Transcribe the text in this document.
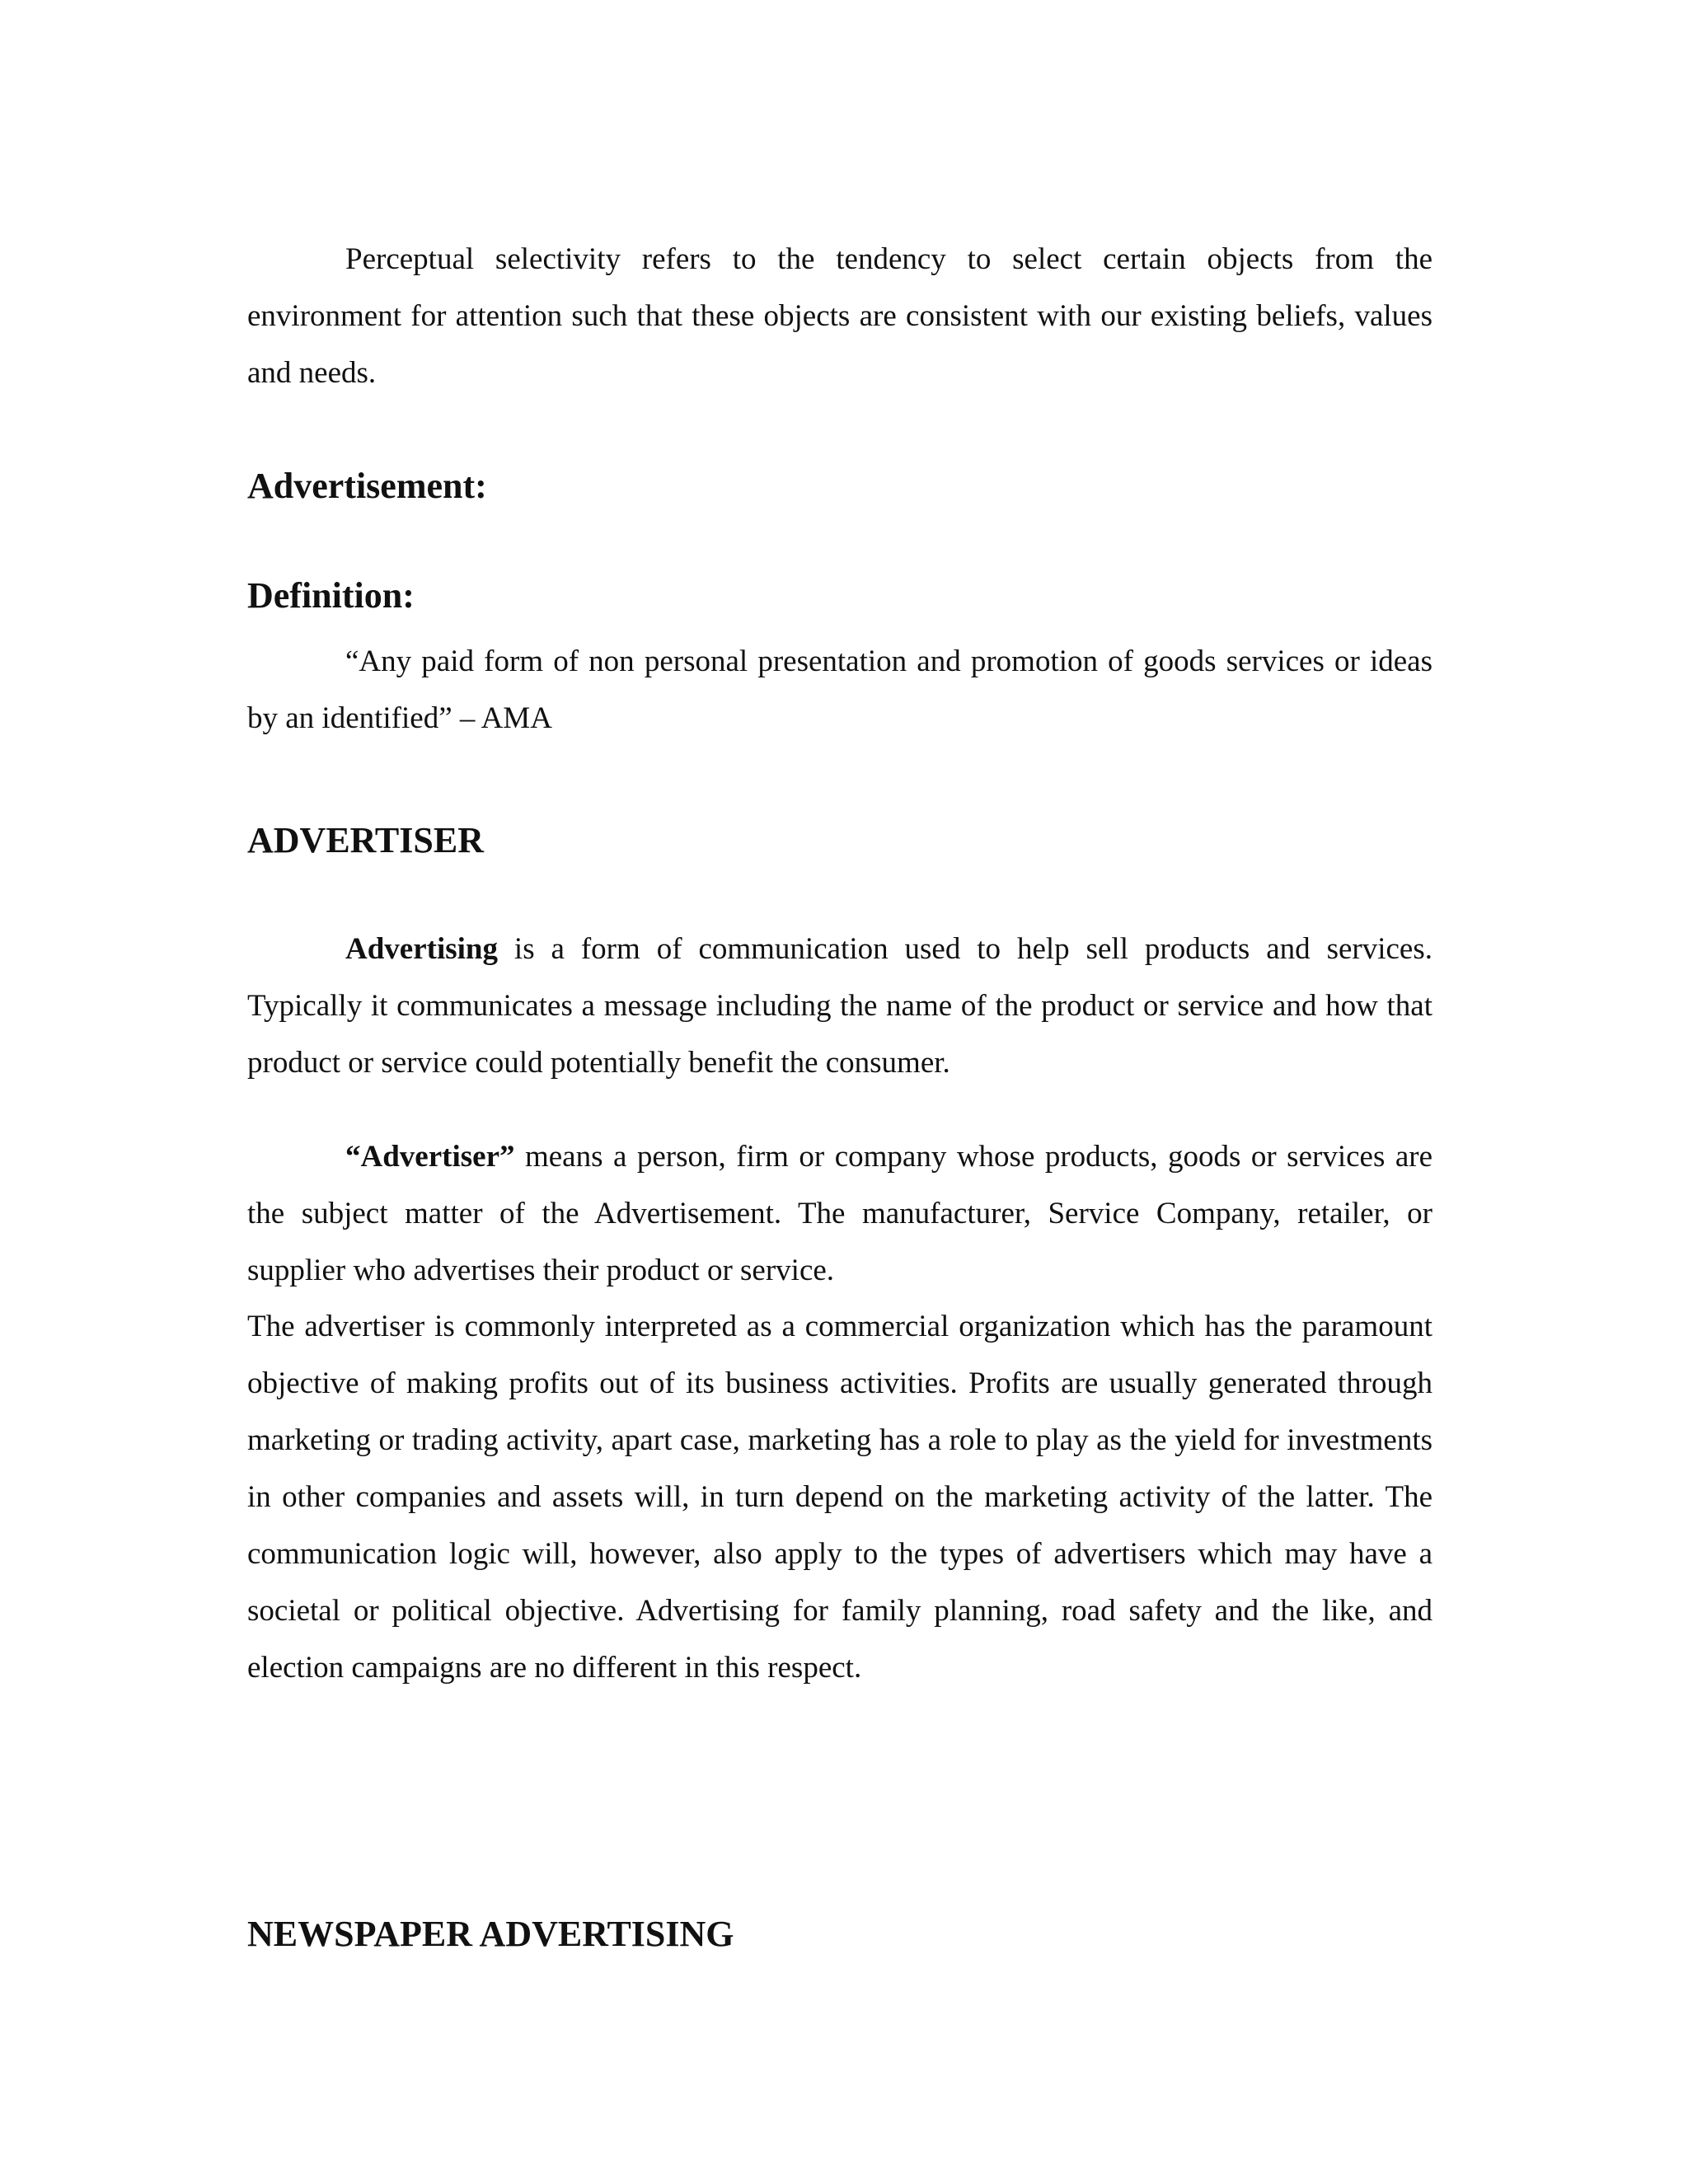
Perceptual selectivity refers to the tendency to select certain objects from the environment for attention such that these objects are consistent with our existing beliefs, values and needs.

Advertisement:
Definition:

“Any paid form of non personal presentation and promotion of goods services or ideas by an identified” – AMA

ADVERTISER

Advertising is a form of communication used to help sell products and services. Typically it communicates a message including the name of the product or service and how that product or service could potentially benefit the consumer.

“Advertiser” means a person, firm or company whose products, goods or services are the subject matter of the Advertisement. The manufacturer, Service Company, retailer, or supplier who advertises their product or service.

The advertiser is commonly interpreted as a commercial organization which has the paramount objective of making profits out of its business activities. Profits are usually generated through marketing or trading activity, apart case, marketing has a role to play as the yield for investments in other companies and assets will, in turn depend on the marketing activity of the latter. The communication logic will, however, also apply to the types of advertisers which may have a societal or political objective. Advertising for family planning, road safety and the like, and election campaigns are no different in this respect.

NEWSPAPER ADVERTISING
